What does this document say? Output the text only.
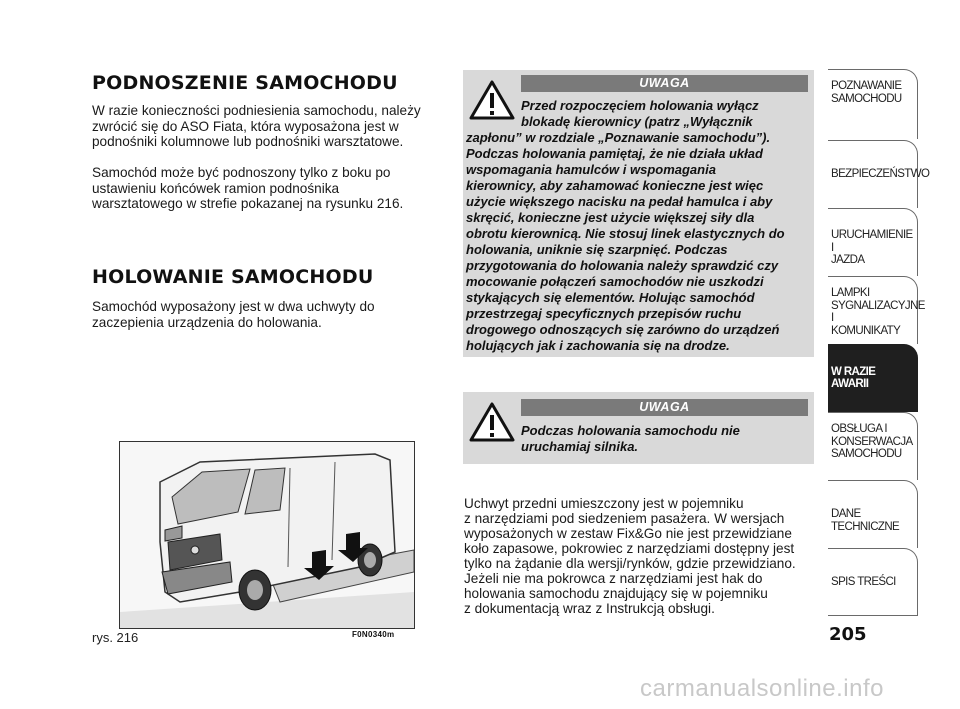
PODNOSZENIE SAMOCHODU
W razie konieczności podniesienia samochodu, należy zwrócić się do ASO Fiata, która wyposażona jest w podnośniki kolumnowe lub podnośniki warsztatowe.
Samochód może być podnoszony tylko z boku po ustawieniu końcówek ramion podnośnika warsztatowego w strefie pokazanej na rysunku 216.
HOLOWANIE SAMOCHODU
Samochód wyposażony jest w dwa uchwyty do zaczepienia urządzenia do holowania.
rys. 216	F0N0340m
UWAGA
Przed rozpoczęciem holowania wyłącz
blokadę kierownicy (patrz „Wyłącznik
zapłonu” w rozdziale „Poznawanie samochodu”).
Podczas holowania pamiętaj, że nie działa układ
wspomagania hamulców i wspomagania
kierownicy, aby zahamować konieczne jest więc
użycie większego nacisku na pedał hamulca i aby
skręcić, konieczne jest użycie większej siły dla
obrotu kierownicą. Nie stosuj linek elastycznych do
holowania, uniknie się szarpnięć. Podczas
przygotowania do holowania należy sprawdzić czy
mocowanie połączeń samochodów nie uszkodzi
stykających się elementów. Holując samochód
przestrzegaj specyficznych przepisów ruchu
drogowego odnoszących się zarówno do urządzeń
holujących jak i zachowania się na drodze.
UWAGA
Podczas holowania samochodu nie
uruchamiaj silnika.
Uchwyt przedni umieszczony jest w pojemniku
z narzędziami pod siedzeniem pasażera. W wersjach
wyposażonych w zestaw Fix&Go nie jest przewidziane
koło zapasowe, pokrowiec z narzędziami dostępny jest
tylko na żądanie dla wersji/rynków, gdzie przewidziano.
Jeżeli nie ma pokrowca z narzędziami jest hak do
holowania samochodu znajdujący się w pojemniku
z dokumentacją wraz z Instrukcją obsługi.
POZNAWANIE
SAMOCHODU
BEZPIECZEŃSTWO
URUCHAMIENIE I
JAZDA
LAMPKI
SYGNALIZACYJNE I
KOMUNIKATY
W RAZIE AWARII
OBSŁUGA I
KONSERWACJA
SAMOCHODU
DANE TECHNICZNE
SPIS TREŚCI
205
carmanualsonline.info
